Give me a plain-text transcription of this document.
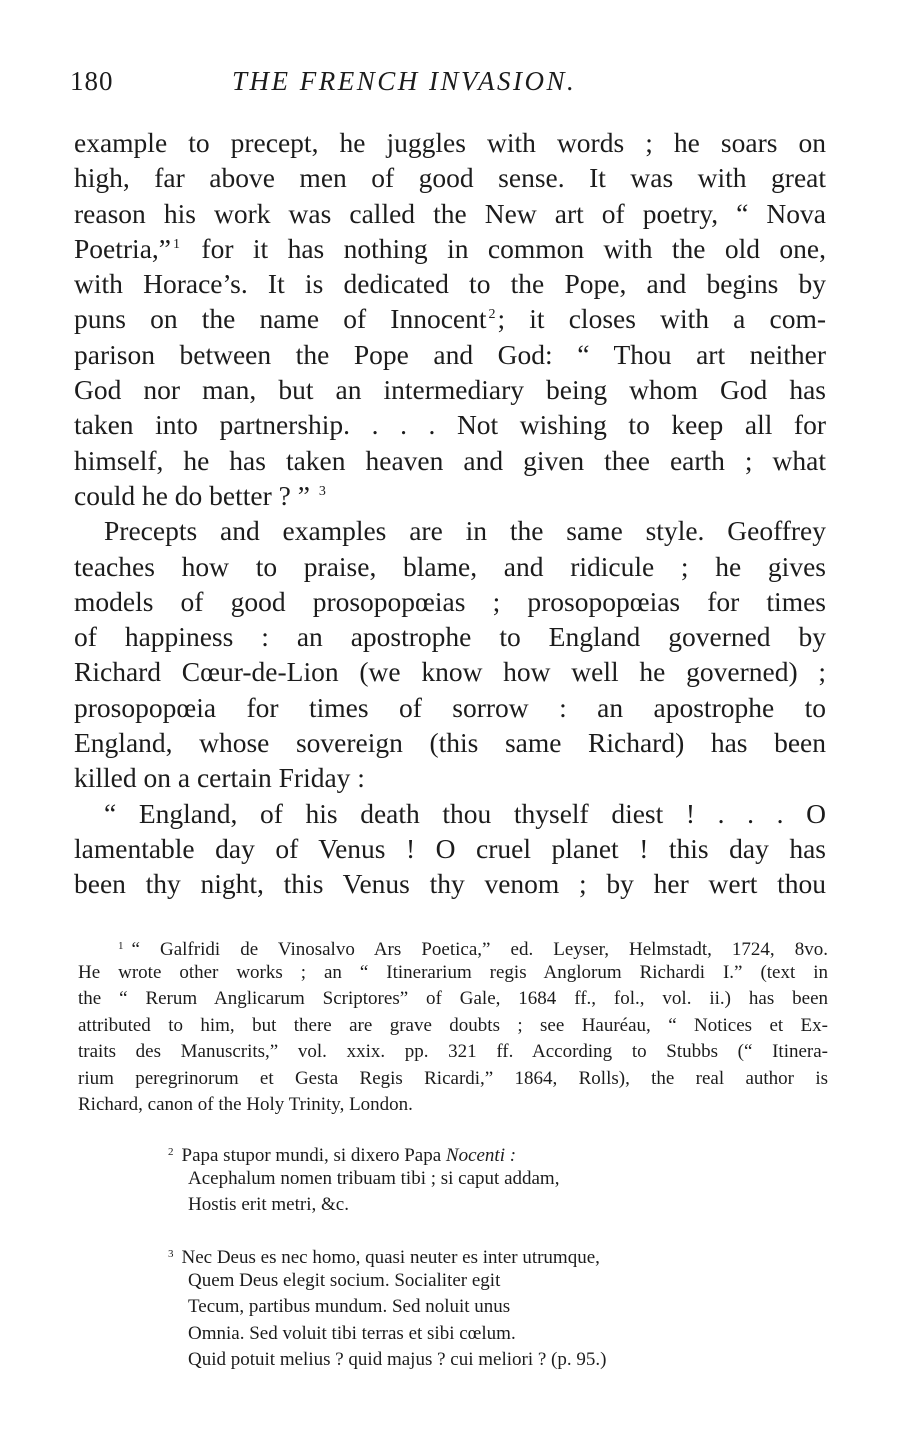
180	THE FRENCH INVASION.
example to precept, he juggles with words ; he soars on
high, far above men of good sense. It was with great
reason his work was called the New art of poetry, “ Nova
Poetria,” $^1$ for it has nothing in common with the old one,
with Horace’s. It is dedicated to the Pope, and begins by
puns on the name of Innocent $^2$; it closes with a com-
parison between the Pope and God: “ Thou art neither
God nor man, but an intermediary being whom God has
taken into partnership. . . . Not wishing to keep all for
himself, he has taken heaven and given thee earth ; what
could he do better ? ” $^3$
Precepts and examples are in the same style. Geoffrey
teaches how to praise, blame, and ridicule ; he gives
models of good prosopopœias ; prosopopœias for times
of happiness : an apostrophe to England governed by
Richard Cœur-de-Lion (we know how well he governed) ;
prosopopœia for times of sorrow : an apostrophe to
England, whose sovereign (this same Richard) has been
killed on a certain Friday :
“ England, of his death thou thyself diest ! . . . O
lamentable day of Venus ! O cruel planet ! this day has
been thy night, this Venus thy venom ; by her wert thou
$^1$ “ Galfridi de Vinosalvo Ars Poetica,” ed. Leyser, Helmstadt, 1724, 8vo.
He wrote other works ; an “ Itinerarium regis Anglorum Richardi I.” (text in
the “ Rerum Anglicarum Scriptores” of Gale, 1684 ff., fol., vol. ii.) has been
attributed to him, but there are grave doubts ; see Hauréau, “ Notices et Ex-
traits des Manuscrits,” vol. xxix. pp. 321 ff. According to Stubbs (“ Itinera-
rium peregrinorum et Gesta Regis Ricardi,” 1864, Rolls), the real author is
Richard, canon of the Holy Trinity, London.
$^2$ Papa stupor mundi, si dixero Papa Nocenti :
Acephalum nomen tribuam tibi ; si caput addam,
Hostis erit metri, &c.
$^3$ Nec Deus es nec homo, quasi neuter es inter utrumque,
Quem Deus elegit socium. Socialiter egit
Tecum, partibus mundum. Sed noluit unus
Omnia. Sed voluit tibi terras et sibi cœlum.
Quid potuit melius ? quid majus ? cui meliori ? (p. 95.)
